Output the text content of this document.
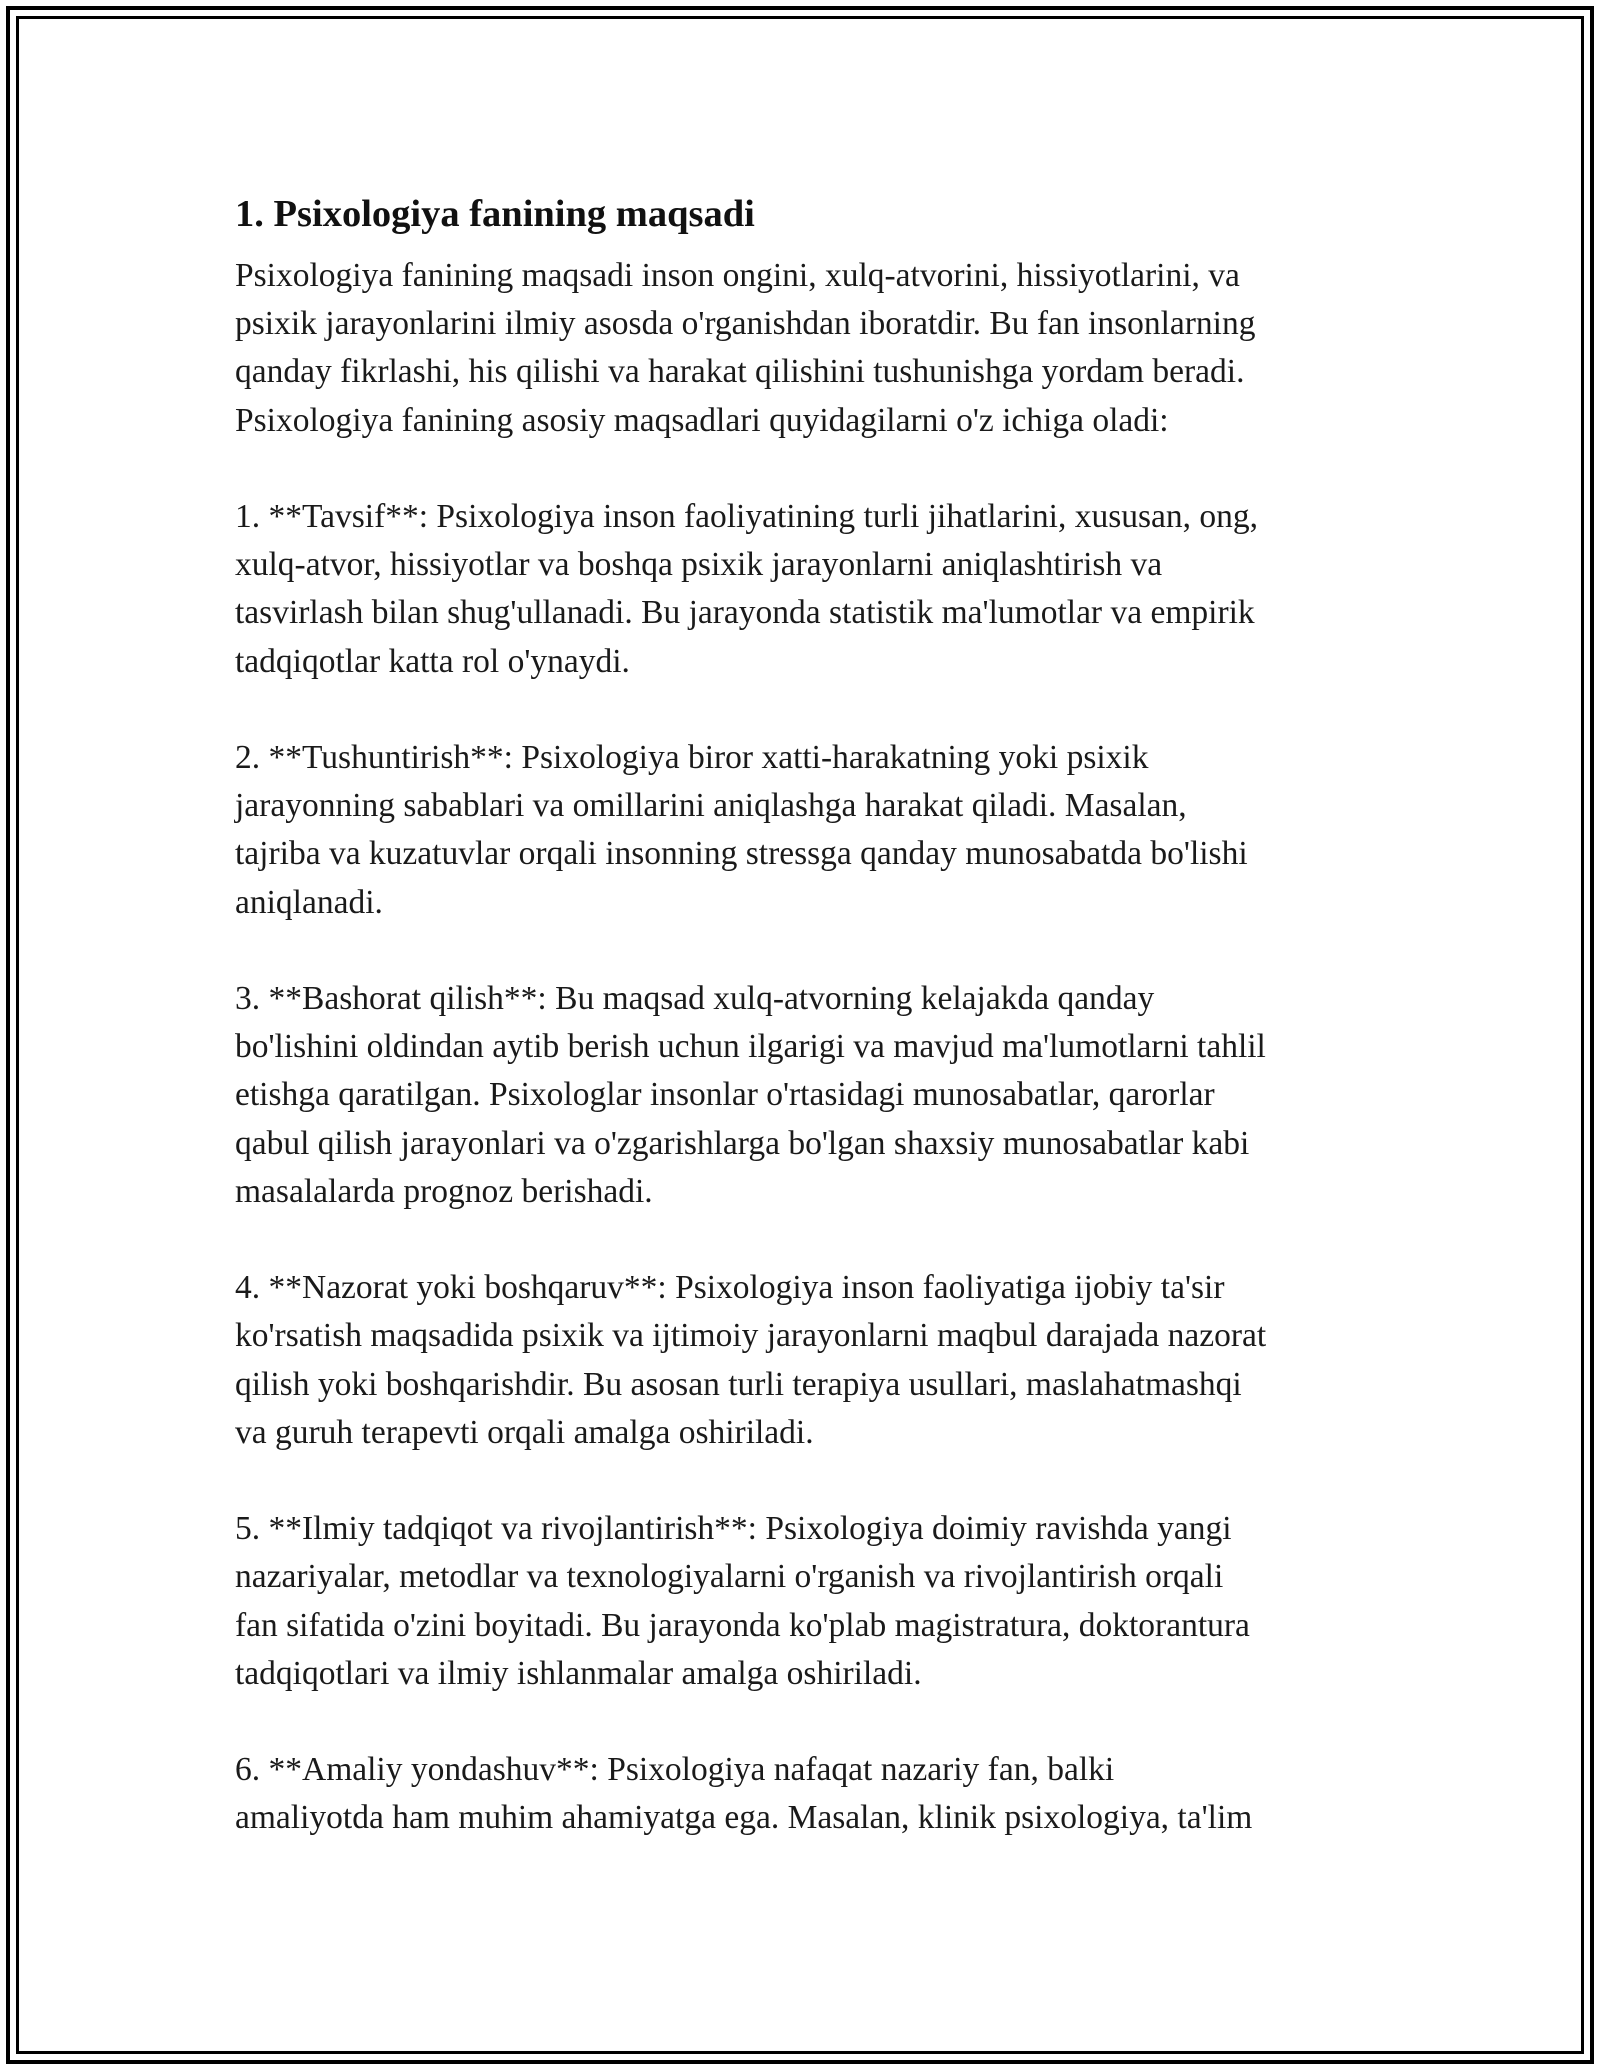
1. Psixologiya fanining maqsadi

Psixologiya fanining maqsadi inson ongini, xulq-atvorini, hissiyotlarini, va
psixik jarayonlarini ilmiy asosda o'rganishdan iboratdir. Bu fan insonlarning
qanday fikrlashi, his qilishi va harakat qilishini tushunishga yordam beradi.
Psixologiya fanining asosiy maqsadlari quyidagilarni o'z ichiga oladi:

1. **Tavsif**: Psixologiya inson faoliyatining turli jihatlarini, xususan, ong,
xulq-atvor, hissiyotlar va boshqa psixik jarayonlarni aniqlashtirish va
tasvirlash bilan shug'ullanadi. Bu jarayonda statistik ma'lumotlar va empirik
tadqiqotlar katta rol o'ynaydi.

2. **Tushuntirish**: Psixologiya biror xatti-harakatning yoki psixik
jarayonning sabablari va omillarini aniqlashga harakat qiladi. Masalan,
tajriba va kuzatuvlar orqali insonning stressga qanday munosabatda bo'lishi
aniqlanadi.

3. **Bashorat qilish**: Bu maqsad xulq-atvorning kelajakda qanday
bo'lishini oldindan aytib berish uchun ilgarigi va mavjud ma'lumotlarni tahlil
etishga qaratilgan. Psixologlar insonlar o'rtasidagi munosabatlar, qarorlar
qabul qilish jarayonlari va o'zgarishlarga bo'lgan shaxsiy munosabatlar kabi
masalalarda prognoz berishadi.

4. **Nazorat yoki boshqaruv**: Psixologiya inson faoliyatiga ijobiy ta'sir
ko'rsatish maqsadida psixik va ijtimoiy jarayonlarni maqbul darajada nazorat
qilish yoki boshqarishdir. Bu asosan turli terapiya usullari, maslahatmashqi
va guruh terapevti orqali amalga oshiriladi.

5. **Ilmiy tadqiqot va rivojlantirish**: Psixologiya doimiy ravishda yangi
nazariyalar, metodlar va texnologiyalarni o'rganish va rivojlantirish orqali
fan sifatida o'zini boyitadi. Bu jarayonda ko'plab magistratura, doktorantura
tadqiqotlari va ilmiy ishlanmalar amalga oshiriladi.

6. **Amaliy yondashuv**: Psixologiya nafaqat nazariy fan, balki
amaliyotda ham muhim ahamiyatga ega. Masalan, klinik psixologiya, ta'lim
